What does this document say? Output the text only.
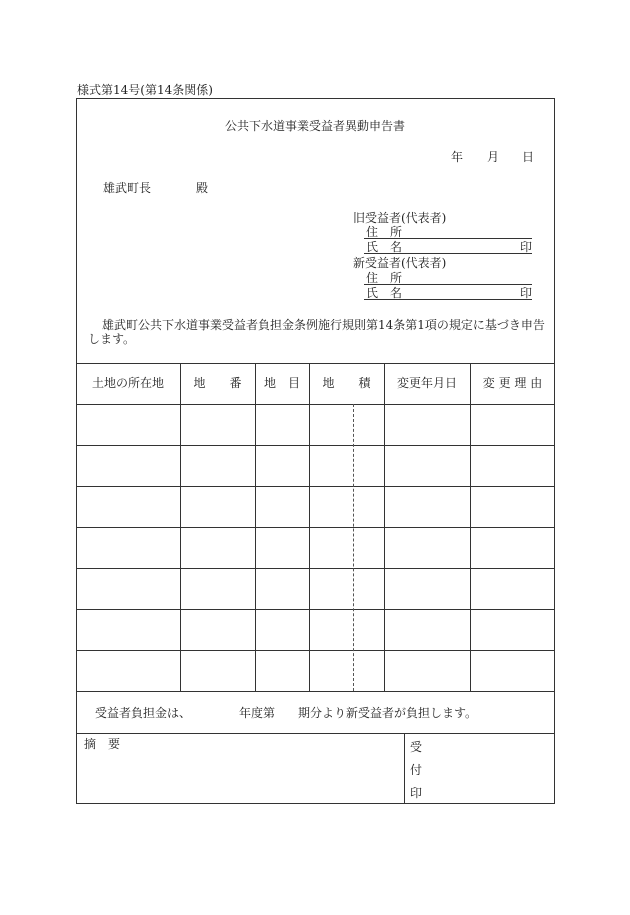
様式第14号(第14条関係)
公共下水道事業受益者異動申告書
年 月 日
雄武町長	殿
旧受益者(代表者)
住　所
氏　名	印
新受益者(代表者)
住　所
氏　名	印
雄武町公共下水道事業受益者負担金条例施行規則第14条第1項の規定に基づき申告
します。
土地の所在地	地　　番	地　目	地　　積	変更年月日	変 更 理 由
受益者負担金は、	年度第 期分より新受益者が負担します。
摘　要	受
付
印
